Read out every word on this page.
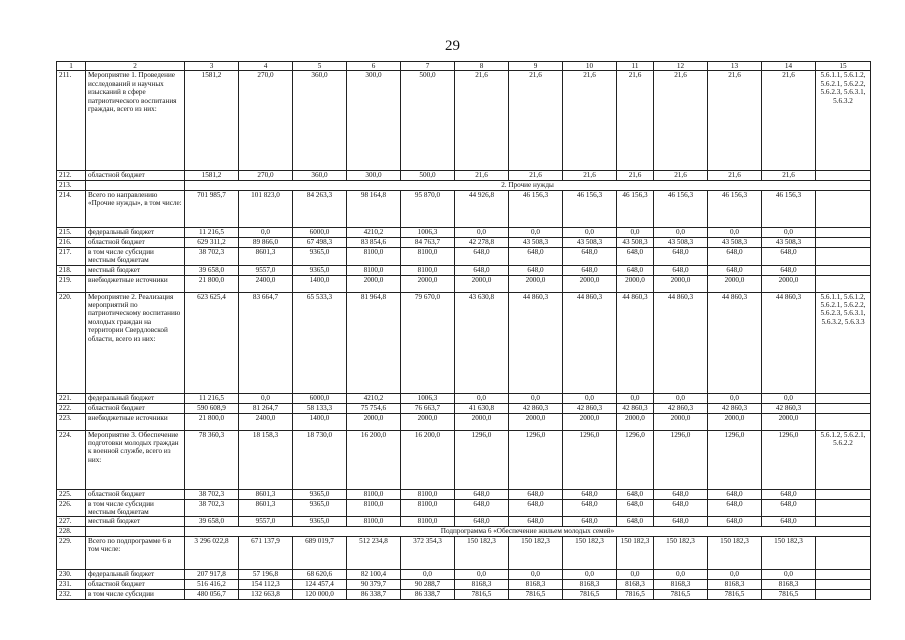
29
1	2	3	4	5	6	7	8	9	10	11	12	13	14	15
211.	Мероприятие 1. Проведение исследований и научных изысканий в сфере патриотического воспитания граждан, всего из них:	1581,2	270,0	360,0	300,0	500,0	21,6	21,6	21,6	21,6	21,6	21,6	21,6	5.6.1.1, 5.6.1.2, 5.6.2.1, 5.6.2.2, 5.6.2.3, 5.6.3.1, 5.6.3.2
212.	областной бюджет	1581,2	270,0	360,0	300,0	500,0	21,6	21,6	21,6	21,6	21,6	21,6	21,6	
213.		2. Прочие нужды												
214.	Всего по направлению «Прочие нужды», в том числе:	701 985,7	101 823,0	84 263,3	98 164,8	95 870,0	44 926,8	46 156,3	46 156,3	46 156,3	46 156,3	46 156,3	46 156,3	
215.	федеральный бюджет	11 216,5	0,0	6000,0	4210,2	1006,3	0,0	0,0	0,0	0,0	0,0	0,0	0,0	
216.	областной бюджет	629 311,2	89 866,0	67 498,3	83 854,6	84 763,7	42 278,8	43 508,3	43 508,3	43 508,3	43 508,3	43 508,3	43 508,3	
217.	в том числе субсидии местным бюджетам	38 702,3	8601,3	9365,0	8100,0	8100,0	648,0	648,0	648,0	648,0	648,0	648,0	648,0	
218.	местный бюджет	39 658,0	9557,0	9365,0	8100,0	8100,0	648,0	648,0	648,0	648,0	648,0	648,0	648,0	
219.	внебюджетные источники	21 800,0	2400,0	1400,0	2000,0	2000,0	2000,0	2000,0	2000,0	2000,0	2000,0	2000,0	2000,0	
220.	Мероприятие 2. Реализация мероприятий по патриотическому воспитанию молодых граждан на территории Свердловской области, всего из них:	623 625,4	83 664,7	65 533,3	81 964,8	79 670,0	43 630,8	44 860,3	44 860,3	44 860,3	44 860,3	44 860,3	44 860,3	5.6.1.1, 5.6.1.2, 5.6.2.1, 5.6.2.2, 5.6.2.3, 5.6.3.1, 5.6.3.2, 5.6.3.3
221.	федеральный бюджет	11 216,5	0,0	6000,0	4210,2	1006,3	0,0	0,0	0,0	0,0	0,0	0,0	0,0	
222.	областной бюджет	590 608,9	81 264,7	58 133,3	75 754,6	76 663,7	41 630,8	42 860,3	42 860,3	42 860,3	42 860,3	42 860,3	42 860,3	
223.	внебюджетные источники	21 800,0	2400,0	1400,0	2000,0	2000,0	2000,0	2000,0	2000,0	2000,0	2000,0	2000,0	2000,0	
224.	Мероприятие 3. Обеспечение подготовки молодых граждан к военной службе, всего из них:	78 360,3	18 158,3	18 730,0	16 200,0	16 200,0	1296,0	1296,0	1296,0	1296,0	1296,0	1296,0	1296,0	5.6.1.2, 5.6.2.1, 5.6.2.2
225.	областной бюджет	38 702,3	8601,3	9365,0	8100,0	8100,0	648,0	648,0	648,0	648,0	648,0	648,0	648,0	
226.	в том числе субсидии местным бюджетам	38 702,3	8601,3	9365,0	8100,0	8100,0	648,0	648,0	648,0	648,0	648,0	648,0	648,0	
227.	местный бюджет	39 658,0	9557,0	9365,0	8100,0	8100,0	648,0	648,0	648,0	648,0	648,0	648,0	648,0	
228.		Подпрограмма 6 «Обеспечение жильем молодых семей»												
229.	Всего по подпрограмме 6 в том числе:	3 296 022,8	671 137,9	689 019,7	512 234,8	372 354,3	150 182,3	150 182,3	150 182,3	150 182,3	150 182,3	150 182,3	150 182,3	
230.	федеральный бюджет	207 917,8	57 196,8	68 620,6	82 100,4	0,0	0,0	0,0	0,0	0,0	0,0	0,0	0,0	
231.	областной бюджет	516 416,2	154 112,3	124 457,4	90 379,7	90 288,7	8168,3	8168,3	8168,3	8168,3	8168,3	8168,3	8168,3	
232.	в том числе субсидии	480 056,7	132 663,8	120 000,0	86 338,7	86 338,7	7816,5	7816,5	7816,5	7816,5	7816,5	7816,5	7816,5	
